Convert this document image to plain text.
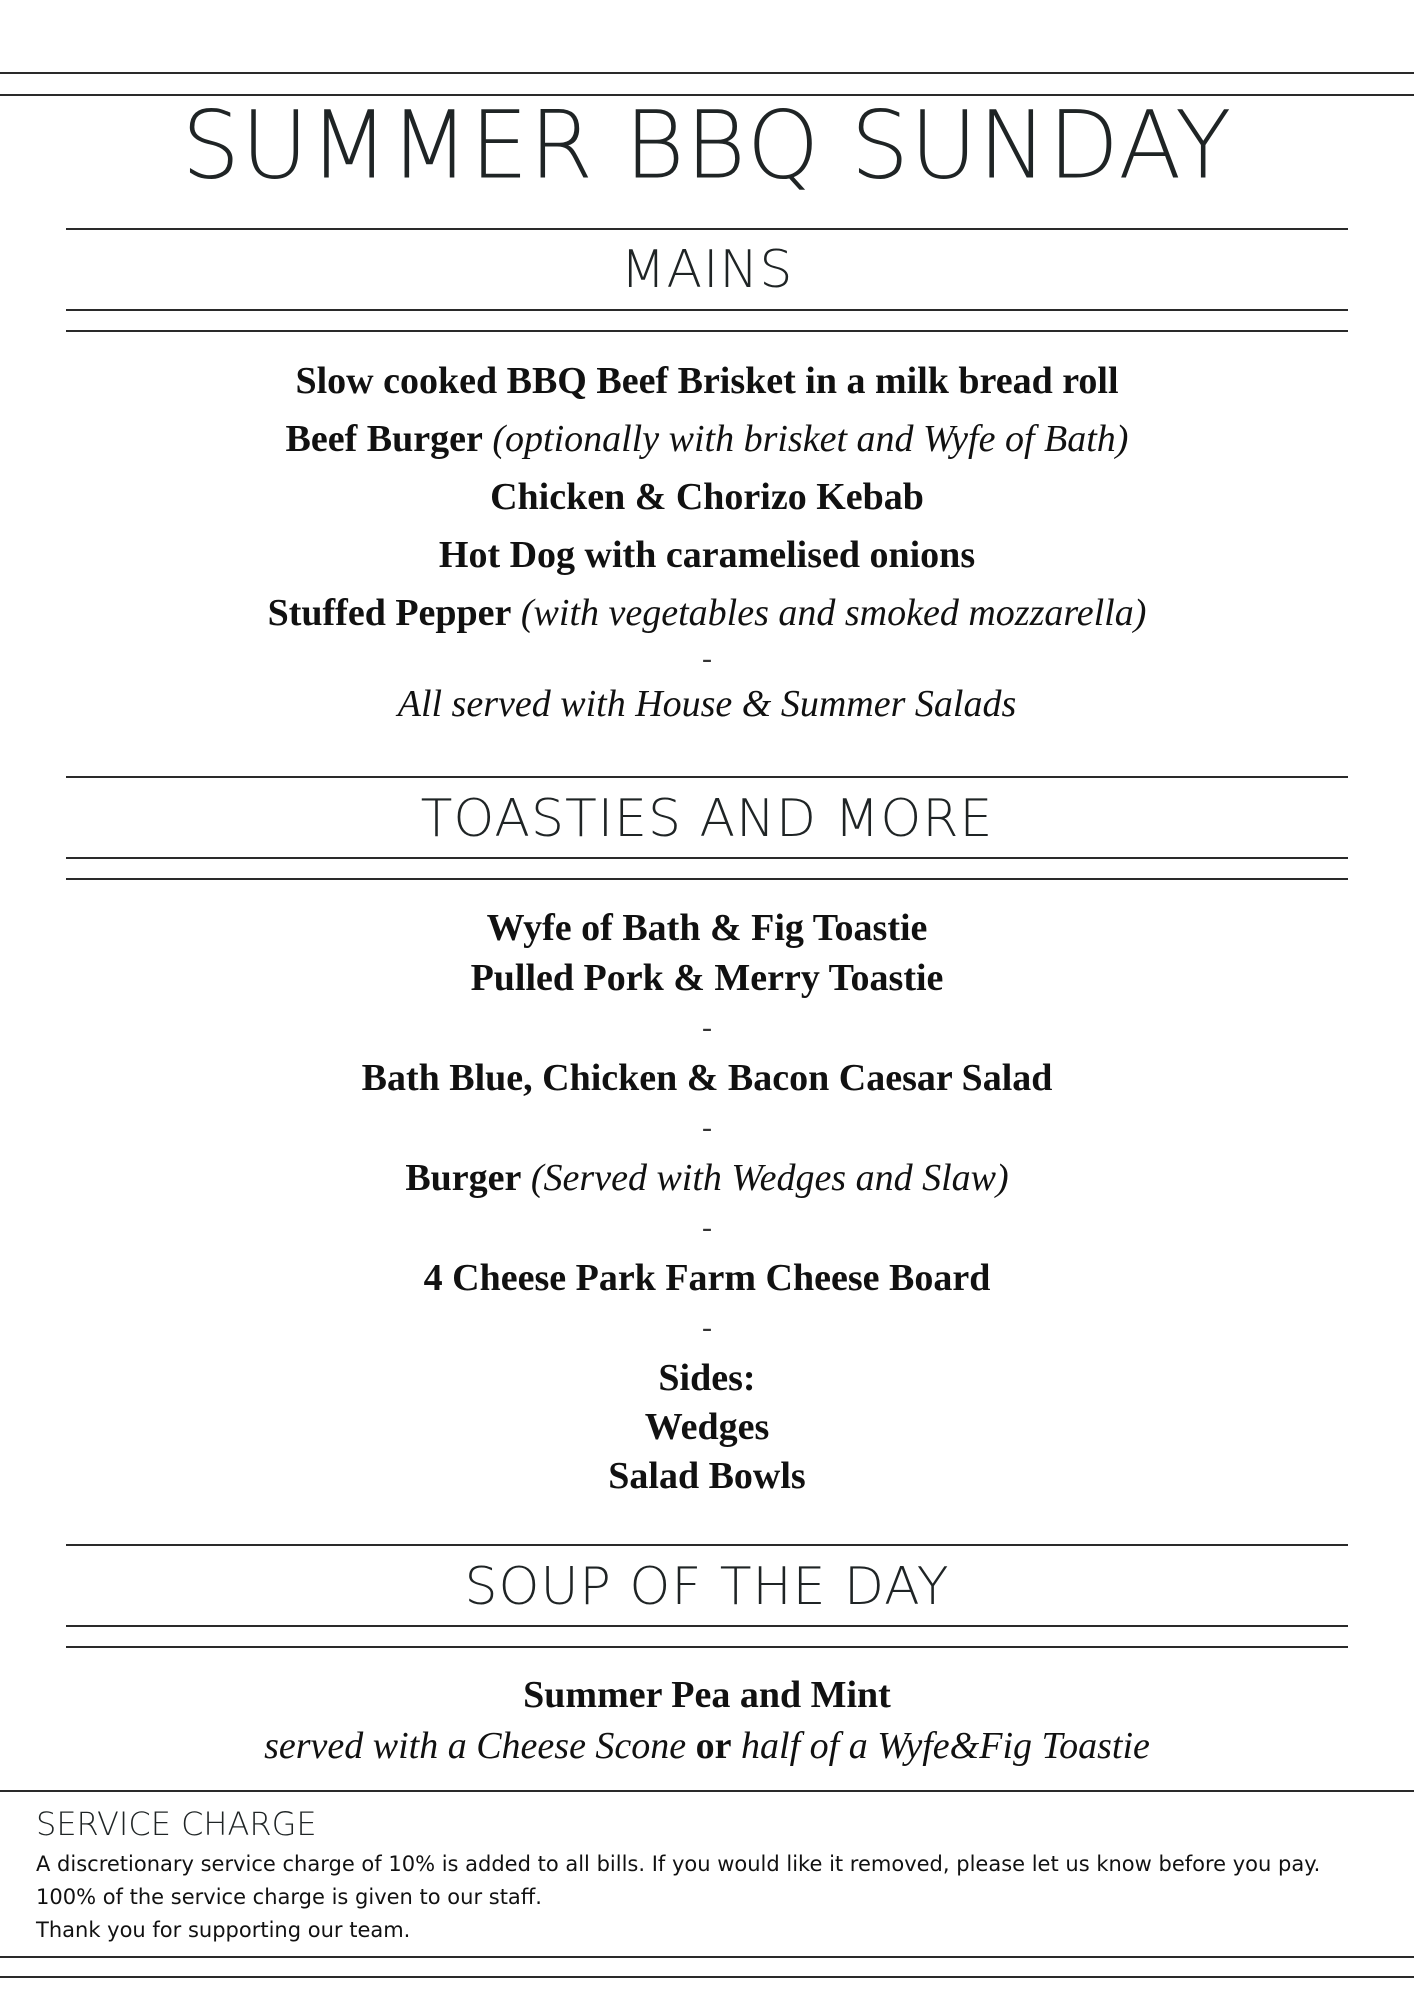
SUMMER BBQ SUNDAY
MAINS
Slow cooked BBQ Beef Brisket in a milk bread roll
Beef Burger (optionally with brisket and Wyfe of Bath)
Chicken & Chorizo Kebab
Hot Dog with caramelised onions
Stuffed Pepper (with vegetables and smoked mozzarella)
-
All served with House & Summer Salads
TOASTIES AND MORE
Wyfe of Bath & Fig Toastie
Pulled Pork & Merry Toastie
-
Bath Blue, Chicken & Bacon Caesar Salad
-
Burger (Served with Wedges and Slaw)
-
4 Cheese Park Farm Cheese Board
-
Sides:
Wedges
Salad Bowls
SOUP OF THE DAY
Summer Pea and Mint
served with a Cheese Scone or half of a Wyfe&Fig Toastie
SERVICE CHARGE
A discretionary service charge of 10% is added to all bills. If you would like it removed, please let us know before you pay.
100% of the service charge is given to our staff.
Thank you for supporting our team.
